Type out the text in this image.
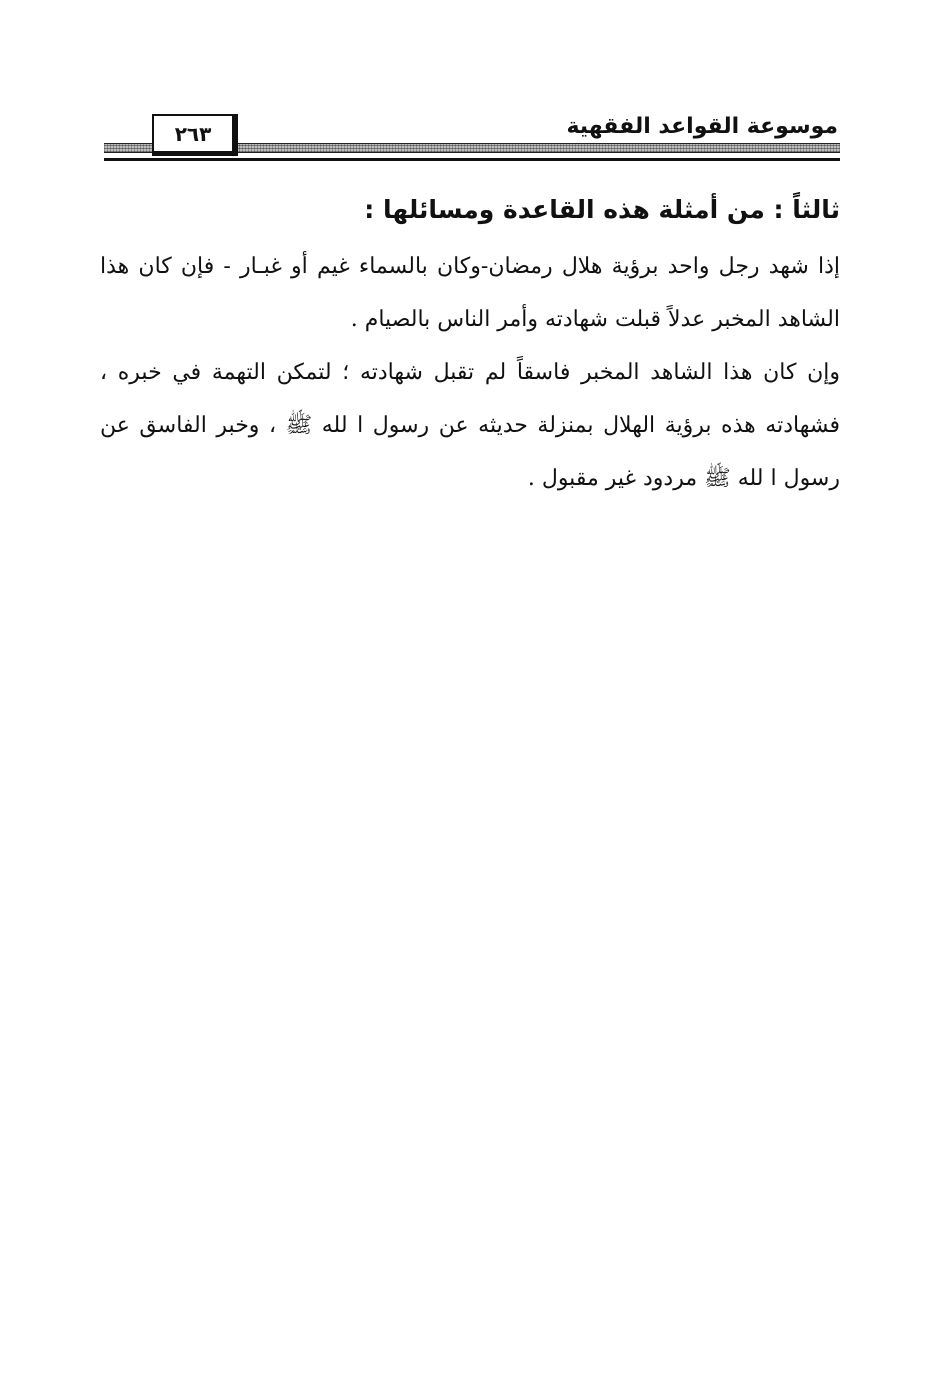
موسوعة القواعد الفقهية
٢٦٣
ثالثاً : من أمثلة هذه القاعدة ومسائلها :

إذا شهد رجل واحد برؤية هلال رمضان-وكان بالسماء غيم أو غبـار - فإن كان هذا الشاهد المخبر عدلاً قبلت شهادته وأمر الناس بالصيام .

وإن كان هذا الشاهد المخبر فاسقاً لم تقبل شهادته ؛ لتمكن التهمة في خبره ، فشهادته هذه برؤية الهلال بمنزلة حديثه عن رسول ا لله ﷺ ، وخبر الفاسق عن رسول ا لله ﷺ مردود غير مقبول .
